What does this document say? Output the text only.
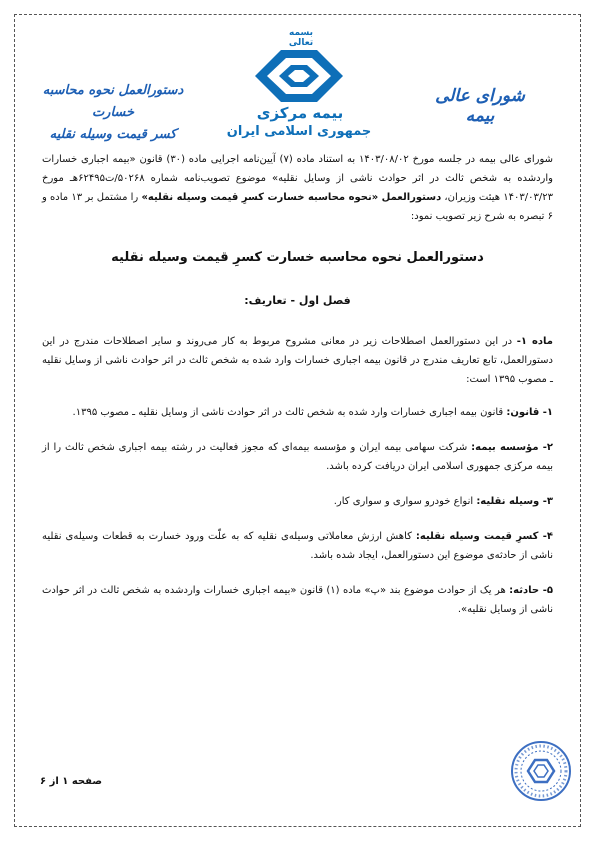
بسمه تعالی
بیمه مرکزی
جمهوری اسلامی ایران
شورای عالی بیمه
دستورالعمل نحوه محاسبه خسارت
کسر قیمت وسیله نقلیه

شورای عالی بیمه در جلسه مورخ ۱۴۰۳/۰۸/۰۲ به استناد ماده (۷) آیین‌نامه اجرایی ماده (۳۰) قانون «بیمه اجباری خسارات واردشده به شخص ثالث در اثر حوادث ناشی از وسایل نقلیه» موضوع تصویب‌نامه شماره ۵۰۲۶۸/ت۶۲۴۹۵هـ مورخ ۱۴۰۳/۰۳/۲۳ هیئت وزیران، دستورالعمل «نحوه محاسبه خسارت کسرِ قیمت وسیله نقلیه» را مشتمل بر ۱۳ ماده و ۶ تبصره به شرح زیر تصویب نمود:

دستورالعمل نحوه محاسبه خسارت کسرِ قیمت وسیله نقلیه

فصل اول - تعاریف:

ماده ۱- در این دستورالعمل اصطلاحات زیر در معانی مشروح مربوط به کار می‌روند و سایر اصطلاحات مندرج در این دستورالعمل، تابع تعاریف مندرج در قانون بیمه اجباری خسارات وارد شده به شخص ثالث در اثر حوادث ناشی از وسایل نقلیه ـ مصوب ۱۳۹۵ است:

۱- قانون: قانون بیمه اجباری خسارات وارد شده به شخص ثالث در اثر حوادث ناشی از وسایل نقلیه ـ مصوب ۱۳۹۵.

۲- مؤسسه بیمه: شرکت سهامی بیمه ایران و مؤسسه بیمه‌ای که مجوز فعالیت در رشته بیمه اجباری شخص ثالث را از بیمه مرکزی جمهوری اسلامی ایران دریافت کرده باشد.

۳- وسیله نقلیه: انواع خودرو سواری و سواری کار.

۴- کسرِ قیمت وسیله نقلیه: کاهش ارزش معاملاتی وسیله‌ی نقلیه که به علّت ورود خسارت به قطعات وسیله‌ی نقلیه ناشی از حادثه‌ی موضوع این دستورالعمل، ایجاد شده باشد.

۵- حادثه: هر یک از حوادث موضوع بند «پ» ماده (۱) قانون «بیمه اجباری خسارات واردشده به شخص ثالث در اثر حوادث ناشی از وسایل نقلیه».

صفحه ۱ از ۶
